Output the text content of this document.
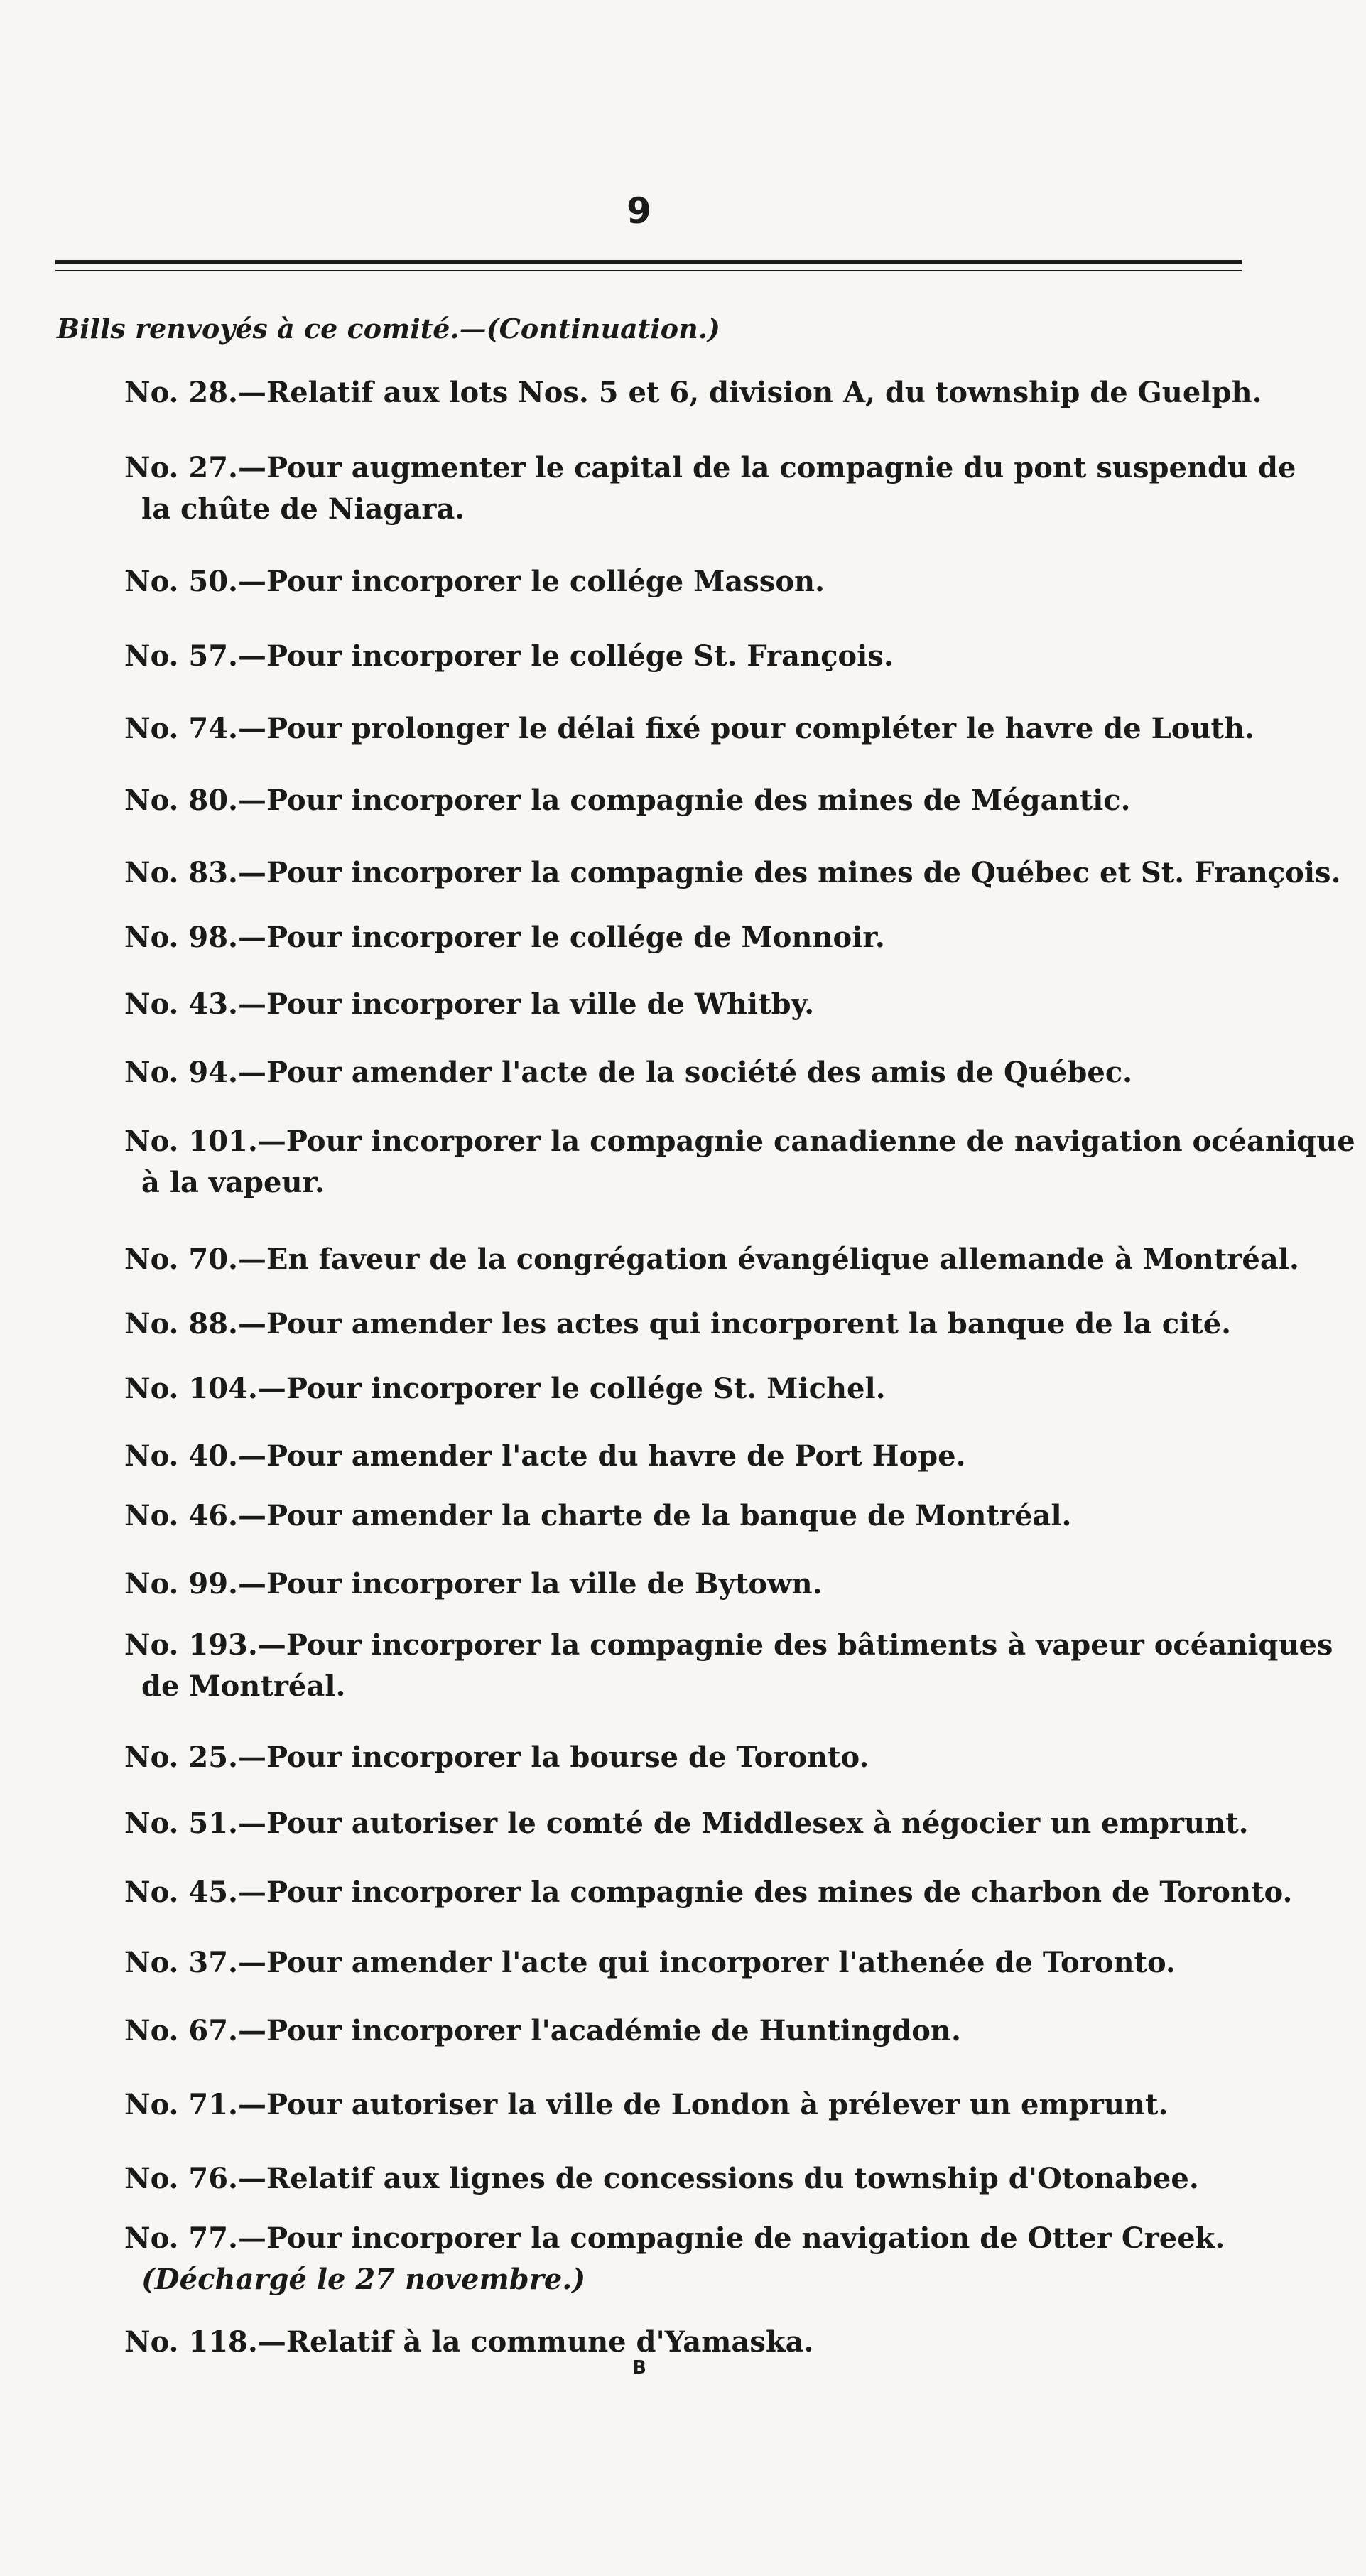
9
Bills renvoyés à ce comité.—(Continuation.)
No. 28.—Relatif aux lots Nos. 5 et 6, division A, du township de Guelph.
No. 27.—Pour augmenter le capital de la compagnie du pont suspendu de
la chûte de Niagara.
No. 50.—Pour incorporer le collége Masson.
No. 57.—Pour incorporer le collége St. François.
No. 74.—Pour prolonger le délai fixé pour compléter le havre de Louth.
No. 80.—Pour incorporer la compagnie des mines de Mégantic.
No. 83.—Pour incorporer la compagnie des mines de Québec et St. François.
No. 98.—Pour incorporer le collége de Monnoir.
No. 43.—Pour incorporer la ville de Whitby.
No. 94.—Pour amender l'acte de la société des amis de Québec.
No. 101.—Pour incorporer la compagnie canadienne de navigation océanique
à la vapeur.
No. 70.—En faveur de la congrégation évangélique allemande à Montréal.
No. 88.—Pour amender les actes qui incorporent la banque de la cité.
No. 104.—Pour incorporer le collége St. Michel.
No. 40.—Pour amender l'acte du havre de Port Hope.
No. 46.—Pour amender la charte de la banque de Montréal.
No. 99.—Pour incorporer la ville de Bytown.
No. 193.—Pour incorporer la compagnie des bâtiments à vapeur océaniques
de Montréal.
No. 25.—Pour incorporer la bourse de Toronto.
No. 51.—Pour autoriser le comté de Middlesex à négocier un emprunt.
No. 45.—Pour incorporer la compagnie des mines de charbon de Toronto.
No. 37.—Pour amender l'acte qui incorporer l'athenée de Toronto.
No. 67.—Pour incorporer l'académie de Huntingdon.
No. 71.—Pour autoriser la ville de London à prélever un emprunt.
No. 76.—Relatif aux lignes de concessions du township d'Otonabee.
No. 77.—Pour incorporer la compagnie de navigation de Otter Creek.
(Déchargé le 27 novembre.)
No. 118.—Relatif à la commune d'Yamaska.
B
